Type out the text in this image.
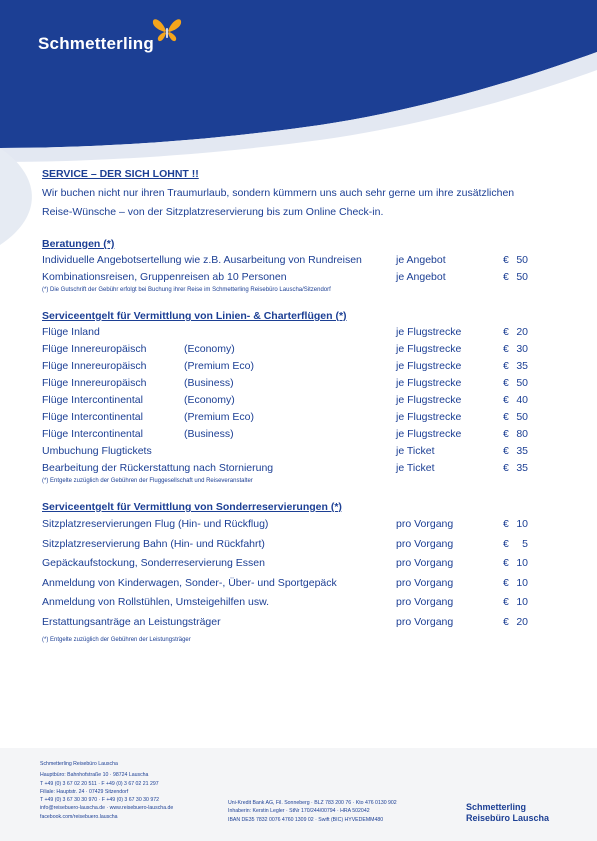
Schmetterling

SERVICE – DER SICH LOHNT !!

Wir buchen nicht nur ihren Traumurlaub, sondern kümmern uns auch sehr gerne um ihre zusätzlichen
Reise-Wünsche – von der Sitzplatzreservierung bis zum Online Check-in.

Beratungen (*)

Individuelle Angebotsertellung wie z.B. Ausarbeitung von Rundreisen	je Angebot	€ 50
Kombinationsreisen, Gruppenreisen ab 10 Personen	je Angebot	€ 50
(*) Die Gutschrift der Gebühr erfolgt bei Buchung ihrer Reise im Schmetterling Reisebüro Lauscha/Sitzendorf

Serviceentgelt für Vermittlung von Linien- & Charterflügen (*)

Flüge Inland	je Flugstrecke	€ 20
Flüge Innereuropäisch	(Economy)	je Flugstrecke	€ 30
Flüge Innereuropäisch	(Premium Eco)	je Flugstrecke	€ 35
Flüge Innereuropäisch	(Business)	je Flugstrecke	€ 50
Flüge Intercontinental	(Economy)	je Flugstrecke	€ 40
Flüge Intercontinental	(Premium Eco)	je Flugstrecke	€ 50
Flüge Intercontinental	(Business)	je Flugstrecke	€ 80
Umbuchung Flugtickets	je Ticket	€ 35
Bearbeitung der Rückerstattung nach Stornierung	je Ticket	€ 35
(*) Entgelte zuzüglich der Gebühren der Fluggesellschaft und Reiseveranstalter

Serviceentgelt für Vermittlung von Sonderreservierungen (*)

Sitzplatzreservierungen Flug (Hin- und Rückflug)	pro Vorgang	€ 10
Sitzplatzreservierung Bahn (Hin- und Rückfahrt)	pro Vorgang	€	5
Gepäckaufstockung, Sonderreservierung Essen	pro Vorgang	€ 10
Anmeldung von Kinderwagen, Sonder-, Über- und Sportgepäck	pro Vorgang	€ 10
Anmeldung von Rollstühlen, Umsteigehilfen usw.	pro Vorgang	€ 10
Erstattungsanträge an Leistungsträger	pro Vorgang	€ 20
(*) Entgelte zuzüglich der Gebühren der Leistungsträger
Schmetterling Reisebüro Lauscha
Hauptbüro: Bahnhofstraße 10 · 98724 Lauscha
T +49 (0) 3 67 02 20 511 · F +49 (0) 3 67 02 21 297
Filiale: Hauptstr. 24 · 07429 Sitzendorf
T +49 (0) 3 67 30 30 970 · F +49 (0) 3 67 30 30 972
info@reisebuero-lauscha.de · www.reisebuero-lauscha.de
facebook.com/reisebuero.lauscha
Uni-Kredit Bank AG, Fil. Sonneberg · BLZ 783 200 76 · Kto 476 0130 902
Inhaberin: Kerstin Legler · StNr 170/244/00794 · HRA 502042
IBAN DE35 7832 0076 4760 1309 02 · Swift (BIC) HYVEDEMM480
Schmetterling
Reisebüro Lauscha
